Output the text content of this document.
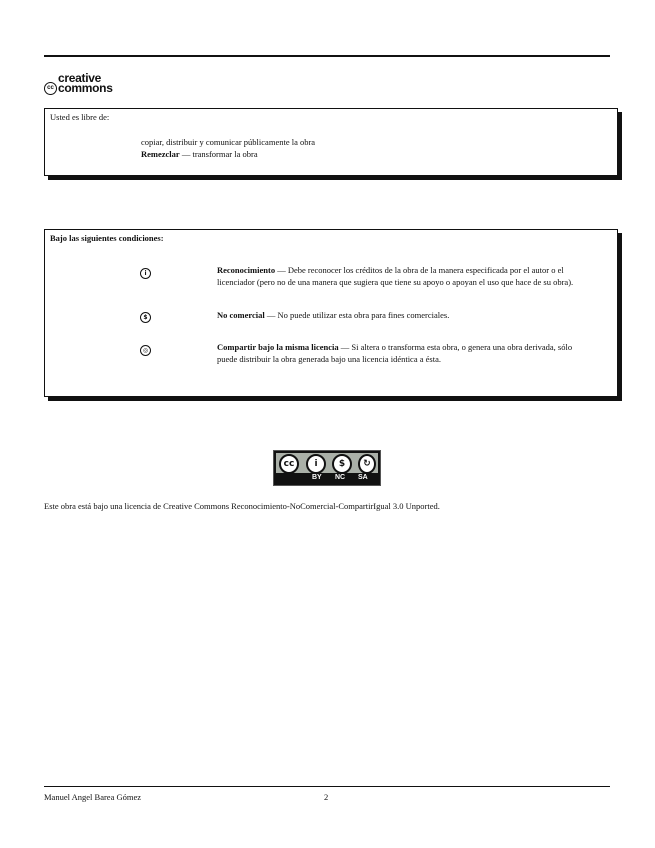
cc
creative
commons
Usted es libre de:
copiar, distribuir y comunicar públicamente la obra
Remezclar — transformar la obra
Bajo las siguientes condiciones:
i	Reconocimiento — Debe reconocer los créditos de la obra de la manera especificada por el autor o el licenciador (pero no de una manera que sugiera que tiene su apoyo o apoyan el uso que hace de su obra).
$	No comercial — No puede utilizar esta obra para fines comerciales.
◎	Compartir bajo la misma licencia — Si altera o transforma esta obra, o genera una obra derivada, sólo puede distribuir la obra generada bajo una licencia idéntica a ésta.
cc	i	$	↻
BY NC SA
Este obra está bajo una licencia de Creative Commons Reconocimiento-NoComercial-CompartirIgual 3.0 Unported.
Manuel Angel Barea Gómez	2
